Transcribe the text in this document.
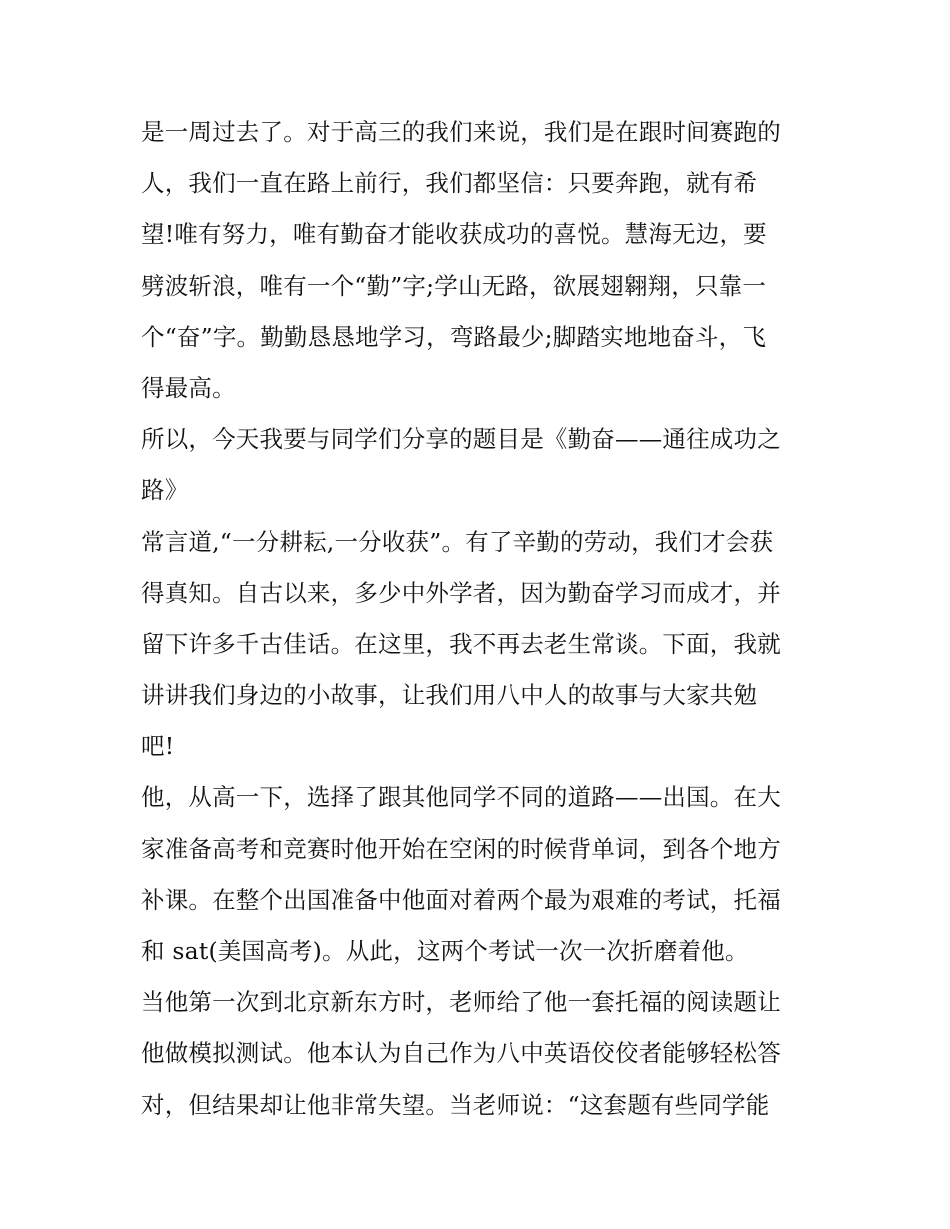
是一周过去了。对于高三的我们来说，我们是在跟时间赛跑的
人，我们一直在路上前行，我们都坚信：只要奔跑，就有希
望!唯有努力，唯有勤奋才能收获成功的喜悦。慧海无边，要
劈波斩浪，唯有一个“勤”字;学山无路，欲展翅翱翔，只靠一
个“奋”字。勤勤恳恳地学习，弯路最少;脚踏实地地奋斗，飞
得最高。
所以，今天我要与同学们分享的题目是《勤奋——通往成功之
路》
常言道,“一分耕耘,一分收获”。有了辛勤的劳动，我们才会获
得真知。自古以来，多少中外学者，因为勤奋学习而成才，并
留下许多千古佳话。在这里，我不再去老生常谈。下面，我就
讲讲我们身边的小故事，让我们用八中人的故事与大家共勉
吧!
他，从高一下，选择了跟其他同学不同的道路——出国。在大
家准备高考和竞赛时他开始在空闲的时候背单词，到各个地方
补课。在整个出国准备中他面对着两个最为艰难的考试，托福
和 sat(美国高考)。从此，这两个考试一次一次折磨着他。
当他第一次到北京新东方时，老师给了他一套托福的阅读题让
他做模拟测试。他本认为自己作为八中英语佼佼者能够轻松答
对，但结果却让他非常失望。当老师说：“这套题有些同学能
